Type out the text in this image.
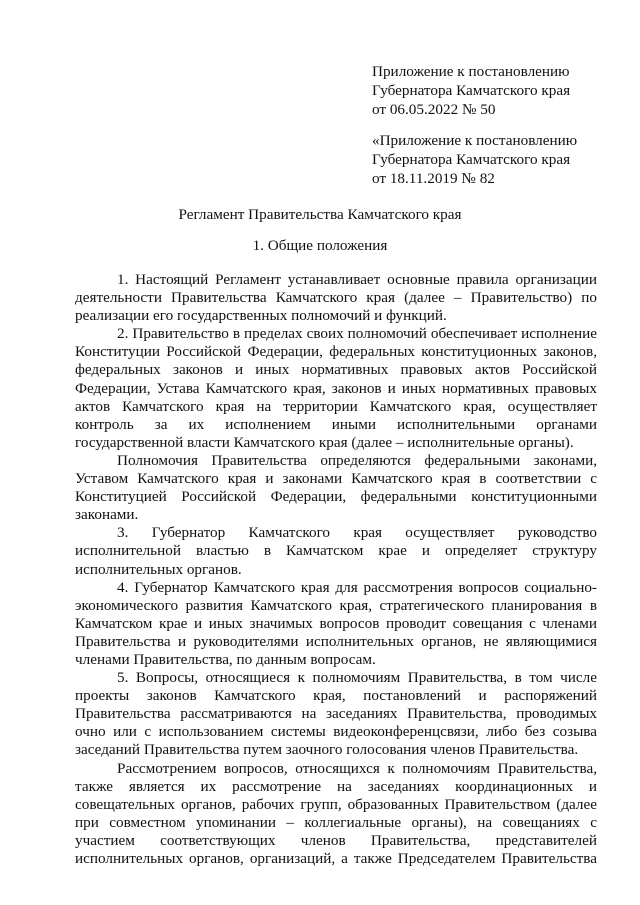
Приложение к постановлению
Губернатора Камчатского края
от 06.05.2022 № 50
«Приложение к постановлению
Губернатора Камчатского края
от 18.11.2019 № 82
Регламент Правительства Камчатского края
1. Общие положения
1. Настоящий Регламент устанавливает основные правила организации
деятельности Правительства Камчатского края (далее – Правительство) по
реализации его государственных полномочий и функций.
2. Правительство в пределах своих полномочий обеспечивает исполнение
Конституции Российской Федерации, федеральных конституционных законов,
федеральных законов и иных нормативных правовых актов Российской
Федерации, Устава Камчатского края, законов и иных нормативных правовых
актов Камчатского края на территории Камчатского края, осуществляет
контроль за их исполнением иными исполнительными органами
государственной власти Камчатского края (далее – исполнительные органы).
Полномочия Правительства определяются федеральными законами,
Уставом Камчатского края и законами Камчатского края в соответствии с
Конституцией Российской Федерации, федеральными конституционными
законами.
3. Губернатор Камчатского края осуществляет руководство
исполнительной властью в Камчатском крае и определяет структуру
исполнительных органов.
4. Губернатор Камчатского края для рассмотрения вопросов социально-
экономического развития Камчатского края, стратегического планирования в
Камчатском крае и иных значимых вопросов проводит совещания с членами
Правительства и руководителями исполнительных органов, не являющимися
членами Правительства, по данным вопросам.
5. Вопросы, относящиеся к полномочиям Правительства, в том числе
проекты законов Камчатского края, постановлений и распоряжений
Правительства рассматриваются на заседаниях Правительства, проводимых
очно или с использованием системы видеоконференцсвязи, либо без созыва
заседаний Правительства путем заочного голосования членов Правительства.
Рассмотрением вопросов, относящихся к полномочиям Правительства,
также является их рассмотрение на заседаниях координационных и
совещательных органов, рабочих групп, образованных Правительством (далее
при совместном упоминании – коллегиальные органы), на совещаниях с
участием соответствующих членов Правительства, представителей
исполнительных органов, организаций, а также Председателем Правительства
